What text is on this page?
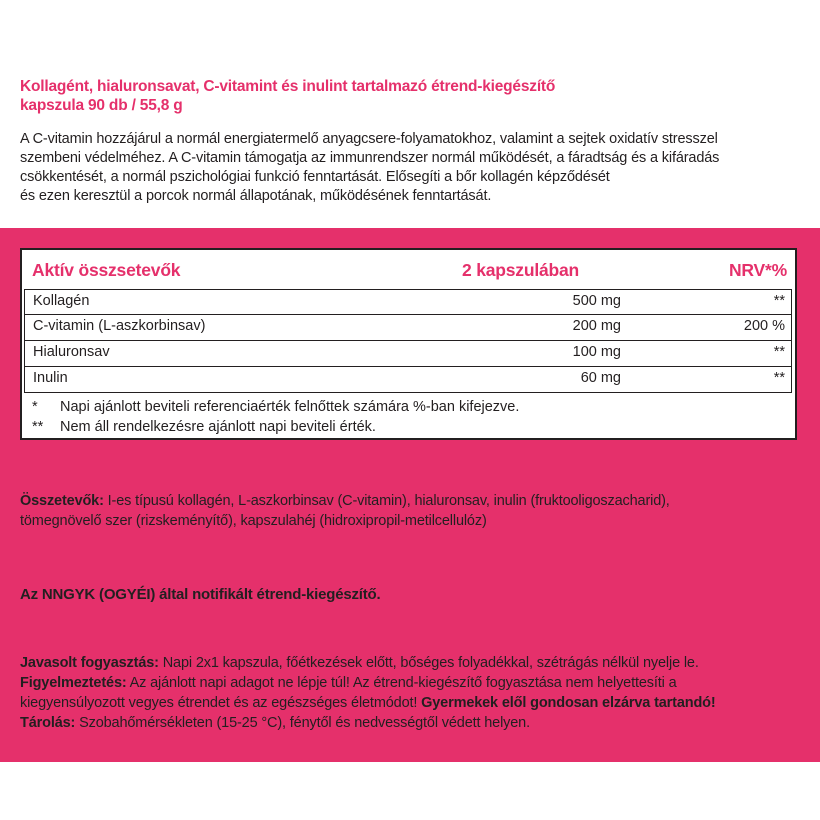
Kollagént, hialuronsavat, C-vitamint és inulint tartalmazó étrend-kiegészítő
kapszula 90 db / 55,8 g
A C-vitamin hozzájárul a normál energiatermelő anyagcsere-folyamatokhoz, valamint a sejtek oxidatív stresszel
szembeni védelméhez. A C-vitamin támogatja az immunrendszer normál működését, a fáradtság és a kifáradás
csökkentését, a normál pszichológiai funkció fenntartását. Elősegíti a bőr kollagén képződését
és ezen keresztül a porcok normál állapotának, működésének fenntartását.
Aktív összsetevők	2 kapszulában	NRV*%
Kollagén	500 mg	**
C-vitamin (L-aszkorbinsav)	200 mg	200 %
Hialuronsav	100 mg	**
Inulin	60 mg	**
* Napi ajánlott beviteli referenciaérték felnőttek számára %-ban kifejezve.
** Nem áll rendelkezésre ajánlott napi beviteli érték.
Összetevők: I-es típusú kollagén, L-aszkorbinsav (C-vitamin), hialuronsav, inulin (fruktooligoszacharid),
tömegnövelő szer (rizskeményítő), kapszulahéj (hidroxipropil-metilcellulóz)
Az NNGYK (OGYÉI) által notifikált étrend-kiegészítő.
Javasolt fogyasztás: Napi 2x1 kapszula, főétkezések előtt, bőséges folyadékkal, szétrágás nélkül nyelje le.
Figyelmeztetés: Az ajánlott napi adagot ne lépje túl! Az étrend-kiegészítő fogyasztása nem helyettesíti a
kiegyensúlyozott vegyes étrendet és az egészséges életmódot! Gyermekek elől gondosan elzárva tartandó!
Tárolás: Szobahőmérsékleten (15-25 °C), fénytől és nedvességtől védett helyen.
